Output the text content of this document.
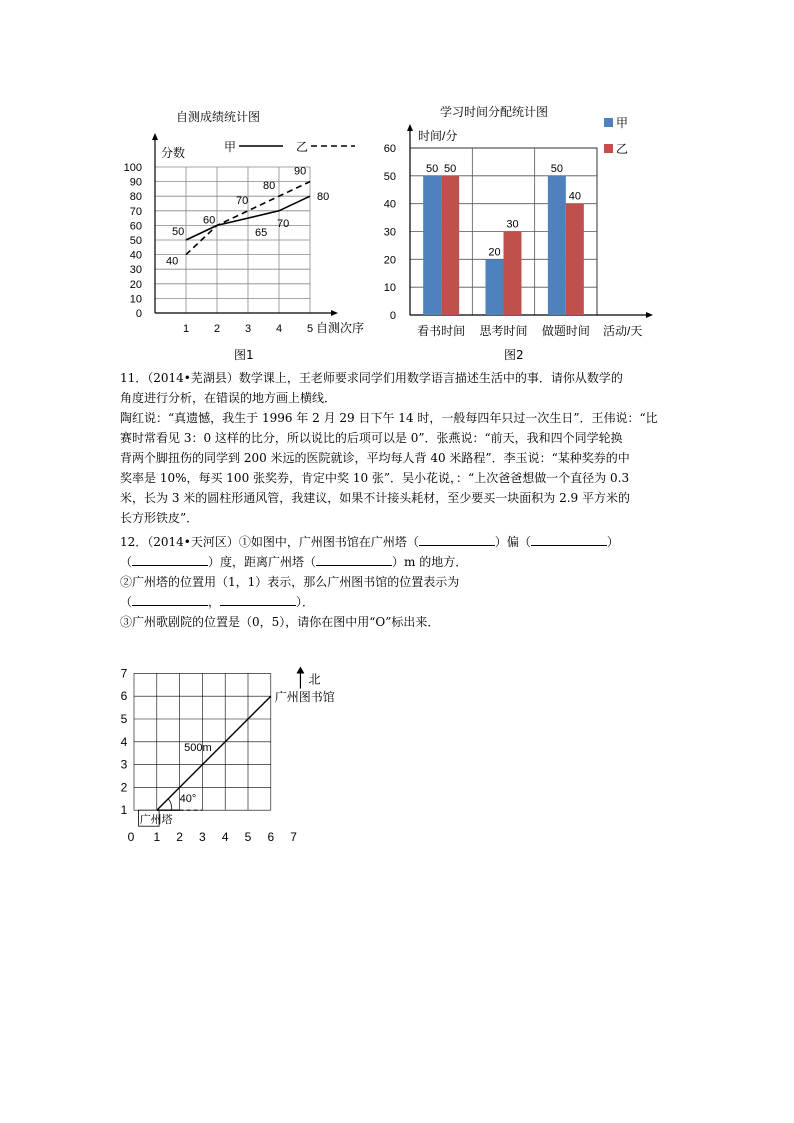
自测成绩统计图
0
10
20
30
40
50
60
70
80
90
100
1 2 3 4 5
分数
自测次序
甲	乙
50
40
60
65
70
70
80
80
90
图1
学习时间分配统计图
0
10
20
30
40
50
60
时间/分
活动/天
50 50
看书时间
20
30
思考时间
50
40
做题时间
甲
乙
图2
11．（2014•芜湖县）数学课上，王老师要求同学们用数学语言描述生活中的事．请你从数学的
角度进行分析，在错误的地方画上横线．
陶红说：“真遗憾，我生于 1996 年 2 月 29 日下午 14 时，一般每四年只过一次生日”．王伟说：“比
赛时常看见 3：0 这样的比分，所以说比的后项可以是 0”．张燕说：“前天，我和四个同学轮换
背两个脚扭伤的同学到 200 米远的医院就诊，平均每人背 40 米路程”．李玉说：“某种奖券的中
奖率是 10%，每买 100 张奖券，肯定中奖 10 张”．吴小花说，：“上次爸爸想做一个直径为 0.3
米，长为 3 米的圆柱形通风管，我建议，如果不计接头耗材，至少要买一块面积为 2.9 平方米的
长方形铁皮”．
12．（2014•天河区）①如图中，广州图书馆在广州塔（	）偏（	）
（	）度，距离广州塔（	）m 的地方．
②广州塔的位置用（1，1）表示，那么广州图书馆的位置表示为
（	，	）．
③广州歌剧院的位置是（0，5），请你在图中用“O”标出来．
广州塔
0 1 2 3 4 5 6 7
1
2
3
4
5
6
7
40°
500m
广州图书馆
北
